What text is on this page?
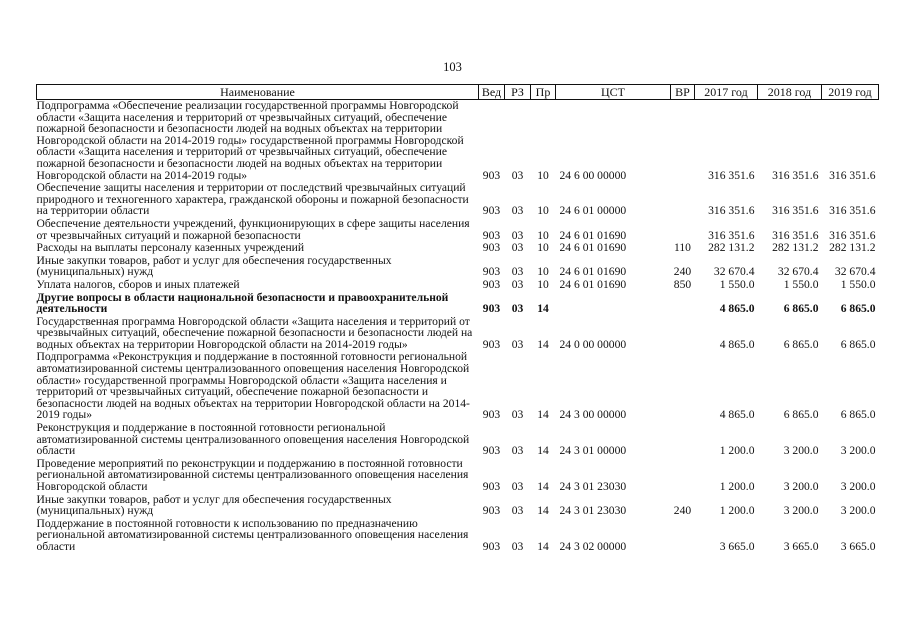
103
Наименование	Вед	РЗ	Пр	ЦСТ	ВР	2017 год	2018 год	2019 год
Подпрограмма «Обеспечение реализации государственной программы Новгородской области «Защита населения и территорий от чрезвычайных ситуаций, обеспечение пожарной безопасности и безопасности людей на водных объектах на территории Новгородской области на 2014-2019 годы» государственной программы Новгородской области «Защита населения и территорий от чрезвычайных ситуаций, обеспечение пожарной безопасности и безопасности людей на водных объектах на территории Новгородской области на 2014-2019 годы»	903	03	10	24 6 00 00000		316 351.6	316 351.6	316 351.6
Обеспечение защиты населения и территории от последствий чрезвычайных ситуаций природного и техногенного характера, гражданской обороны и пожарной безопасности на территории области	903	03	10	24 6 01 00000		316 351.6	316 351.6	316 351.6
Обеспечение деятельности учреждений, функционирующих в сфере защиты населения от чрезвычайных ситуаций и пожарной безопасности	903	03	10	24 6 01 01690		316 351.6	316 351.6	316 351.6
Расходы на выплаты персоналу казенных учреждений	903	03	10	24 6 01 01690	110	282 131.2	282 131.2	282 131.2
Иные закупки товаров, работ и услуг для обеспечения государственных (муниципальных) нужд	903	03	10	24 6 01 01690	240	32 670.4	32 670.4	32 670.4
Уплата налогов, сборов и иных платежей	903	03	10	24 6 01 01690	850	1 550.0	1 550.0	1 550.0
Другие вопросы в области национальной безопасности и правоохранительной деятельности	903	03	14			4 865.0	6 865.0	6 865.0
Государственная программа Новгородской области «Защита населения и территорий от чрезвычайных ситуаций, обеспечение пожарной безопасности и безопасности людей на водных объектах на территории Новгородской области на 2014-2019 годы»	903	03	14	24 0 00 00000		4 865.0	6 865.0	6 865.0
Подпрограмма «Реконструкция и поддержание в постоянной готовности региональной автоматизированной системы централизованного оповещения населения Новгородской области» государственной программы Новгородской области «Защита населения и территорий от чрезвычайных ситуаций, обеспечение пожарной безопасности и безопасности людей на водных объектах на территории Новгородской области на 2014-2019 годы»	903	03	14	24 3 00 00000		4 865.0	6 865.0	6 865.0
Реконструкция и поддержание в постоянной готовности региональной автоматизированной системы централизованного оповещения населения Новгородской области	903	03	14	24 3 01 00000		1 200.0	3 200.0	3 200.0
Проведение мероприятий по реконструкции и поддержанию в постоянной готовности региональной автоматизированной системы централизованного оповещения населения Новгородской области	903	03	14	24 3 01 23030		1 200.0	3 200.0	3 200.0
Иные закупки товаров, работ и услуг для обеспечения государственных (муниципальных) нужд	903	03	14	24 3 01 23030	240	1 200.0	3 200.0	3 200.0
Поддержание в постоянной готовности к использованию по предназначению региональной автоматизированной системы централизованного оповещения населения области	903	03	14	24 3 02 00000		3 665.0	3 665.0	3 665.0
